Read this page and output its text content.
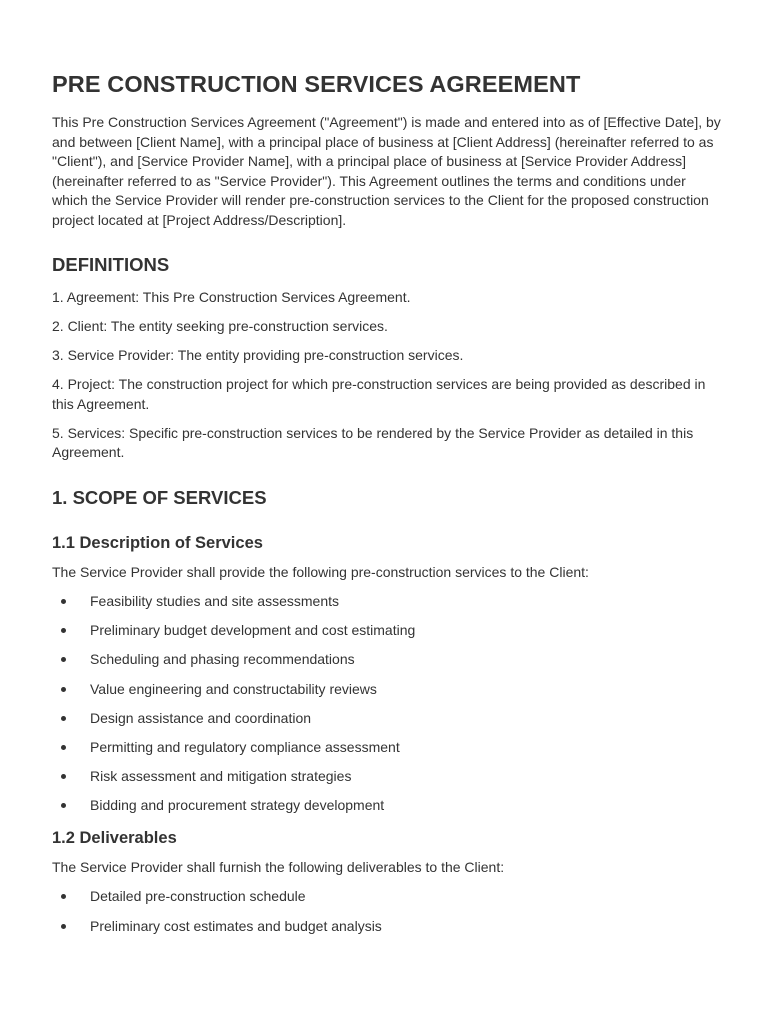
PRE CONSTRUCTION SERVICES AGREEMENT

This Pre Construction Services Agreement ("Agreement") is made and entered into as of [Effective Date], by and between [Client Name], with a principal place of business at [Client Address] (hereinafter referred to as "Client"), and [Service Provider Name], with a principal place of business at [Service Provider Address] (hereinafter referred to as "Service Provider"). This Agreement outlines the terms and conditions under which the Service Provider will render pre-construction services to the Client for the proposed construction project located at [Project Address/Description].

DEFINITIONS

1. Agreement: This Pre Construction Services Agreement.

2. Client: The entity seeking pre-construction services.

3. Service Provider: The entity providing pre-construction services.

4. Project: The construction project for which pre-construction services are being provided as described in this Agreement.

5. Services: Specific pre-construction services to be rendered by the Service Provider as detailed in this Agreement.

1. SCOPE OF SERVICES
1.1 Description of Services

The Service Provider shall provide the following pre-construction services to the Client:

Feasibility studies and site assessments
Preliminary budget development and cost estimating
Scheduling and phasing recommendations
Value engineering and constructability reviews
Design assistance and coordination
Permitting and regulatory compliance assessment
Risk assessment and mitigation strategies
Bidding and procurement strategy development
1.2 Deliverables

The Service Provider shall furnish the following deliverables to the Client:

Detailed pre-construction schedule
Preliminary cost estimates and budget analysis
